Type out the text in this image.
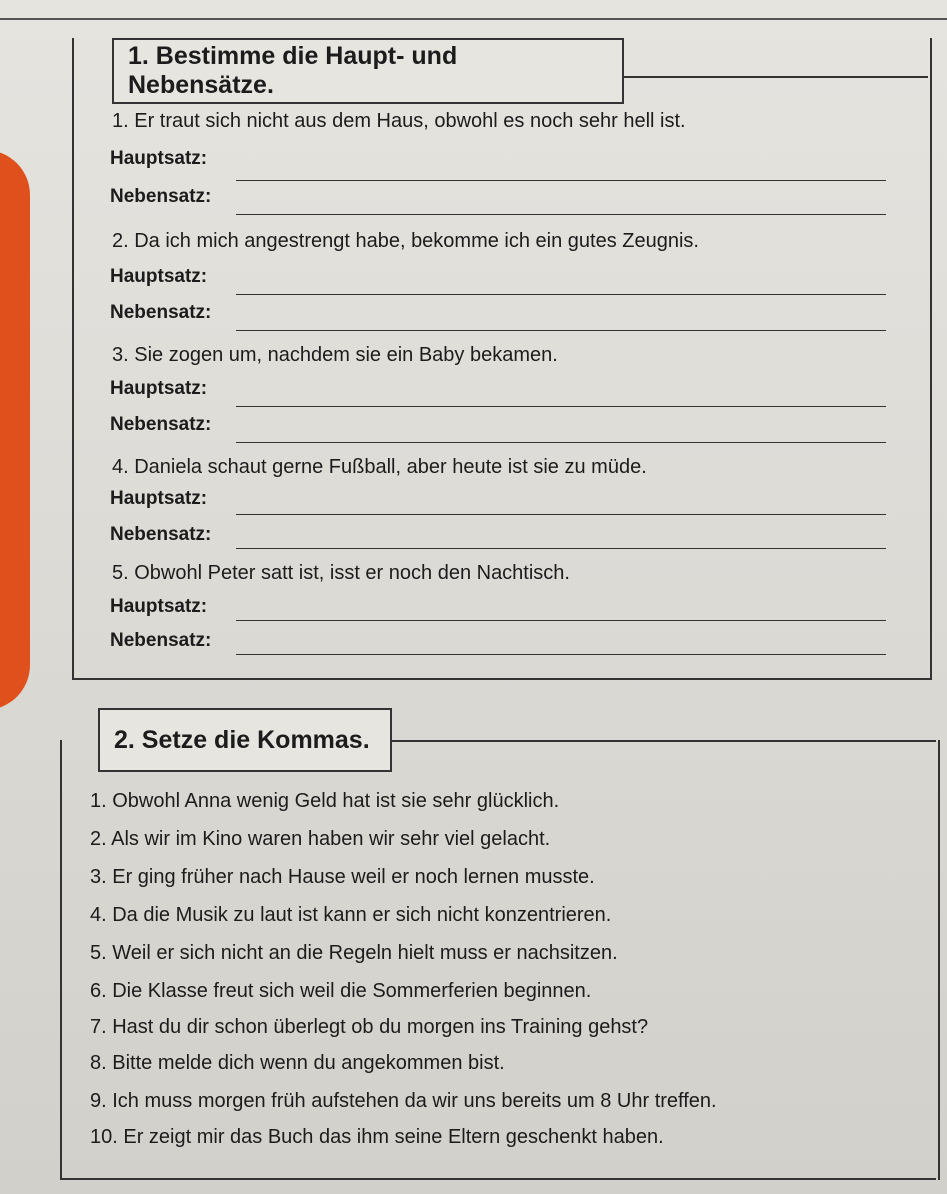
1. Bestimme die Haupt- und Nebensätze.
1. Er traut sich nicht aus dem Haus, obwohl es noch sehr hell ist.
Hauptsatz:
Nebensatz:
2. Da ich mich angestrengt habe, bekomme ich ein gutes Zeugnis.
Hauptsatz:
Nebensatz:
3. Sie zogen um, nachdem sie ein Baby bekamen.
Hauptsatz:
Nebensatz:
4. Daniela schaut gerne Fußball, aber heute ist sie zu müde.
Hauptsatz:
Nebensatz:
5. Obwohl Peter satt ist, isst er noch den Nachtisch.
Hauptsatz:
Nebensatz:
2. Setze die Kommas.
1. Obwohl Anna wenig Geld hat ist sie sehr glücklich.
2. Als wir im Kino waren haben wir sehr viel gelacht.
3. Er ging früher nach Hause weil er noch lernen musste.
4. Da die Musik zu laut ist kann er sich nicht konzentrieren.
5. Weil er sich nicht an die Regeln hielt muss er nachsitzen.
6. Die Klasse freut sich weil die Sommerferien beginnen.
7. Hast du dir schon überlegt ob du morgen ins Training gehst?
8. Bitte melde dich wenn du angekommen bist.
9. Ich muss morgen früh aufstehen da wir uns bereits um 8 Uhr treffen.
10. Er zeigt mir das Buch das ihm seine Eltern geschenkt haben.
